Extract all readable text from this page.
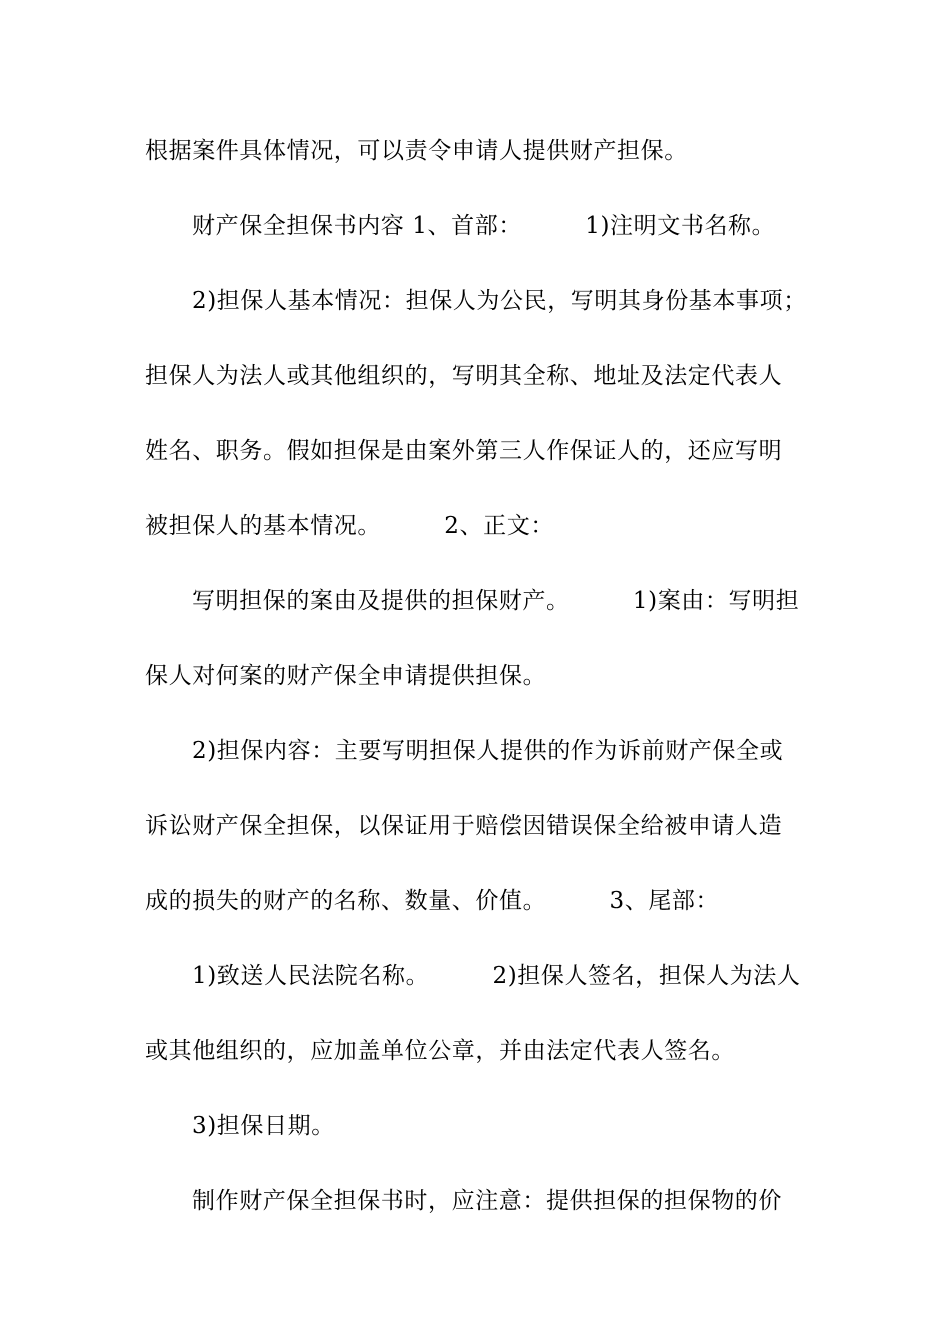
根据案件具体情况，可以责令申请人提供财产担保。
财产保全担保书内容 1、首部：        1)注明文书名称。
2)担保人基本情况：担保人为公民，写明其身份基本事项；
担保人为法人或其他组织的，写明其全称、地址及法定代表人
姓名、职务。假如担保是由案外第三人作保证人的，还应写明
被担保人的基本情况。        2、正文：
写明担保的案由及提供的担保财产。        1)案由：写明担
保人对何案的财产保全申请提供担保。
2)担保内容：主要写明担保人提供的作为诉前财产保全或
诉讼财产保全担保，以保证用于赔偿因错误保全给被申请人造
成的损失的财产的名称、数量、价值。        3、尾部：
1)致送人民法院名称。        2)担保人签名，担保人为法人
或其他组织的，应加盖单位公章，并由法定代表人签名。
3)担保日期。
制作财产保全担保书时，应注意：提供担保的担保物的价
